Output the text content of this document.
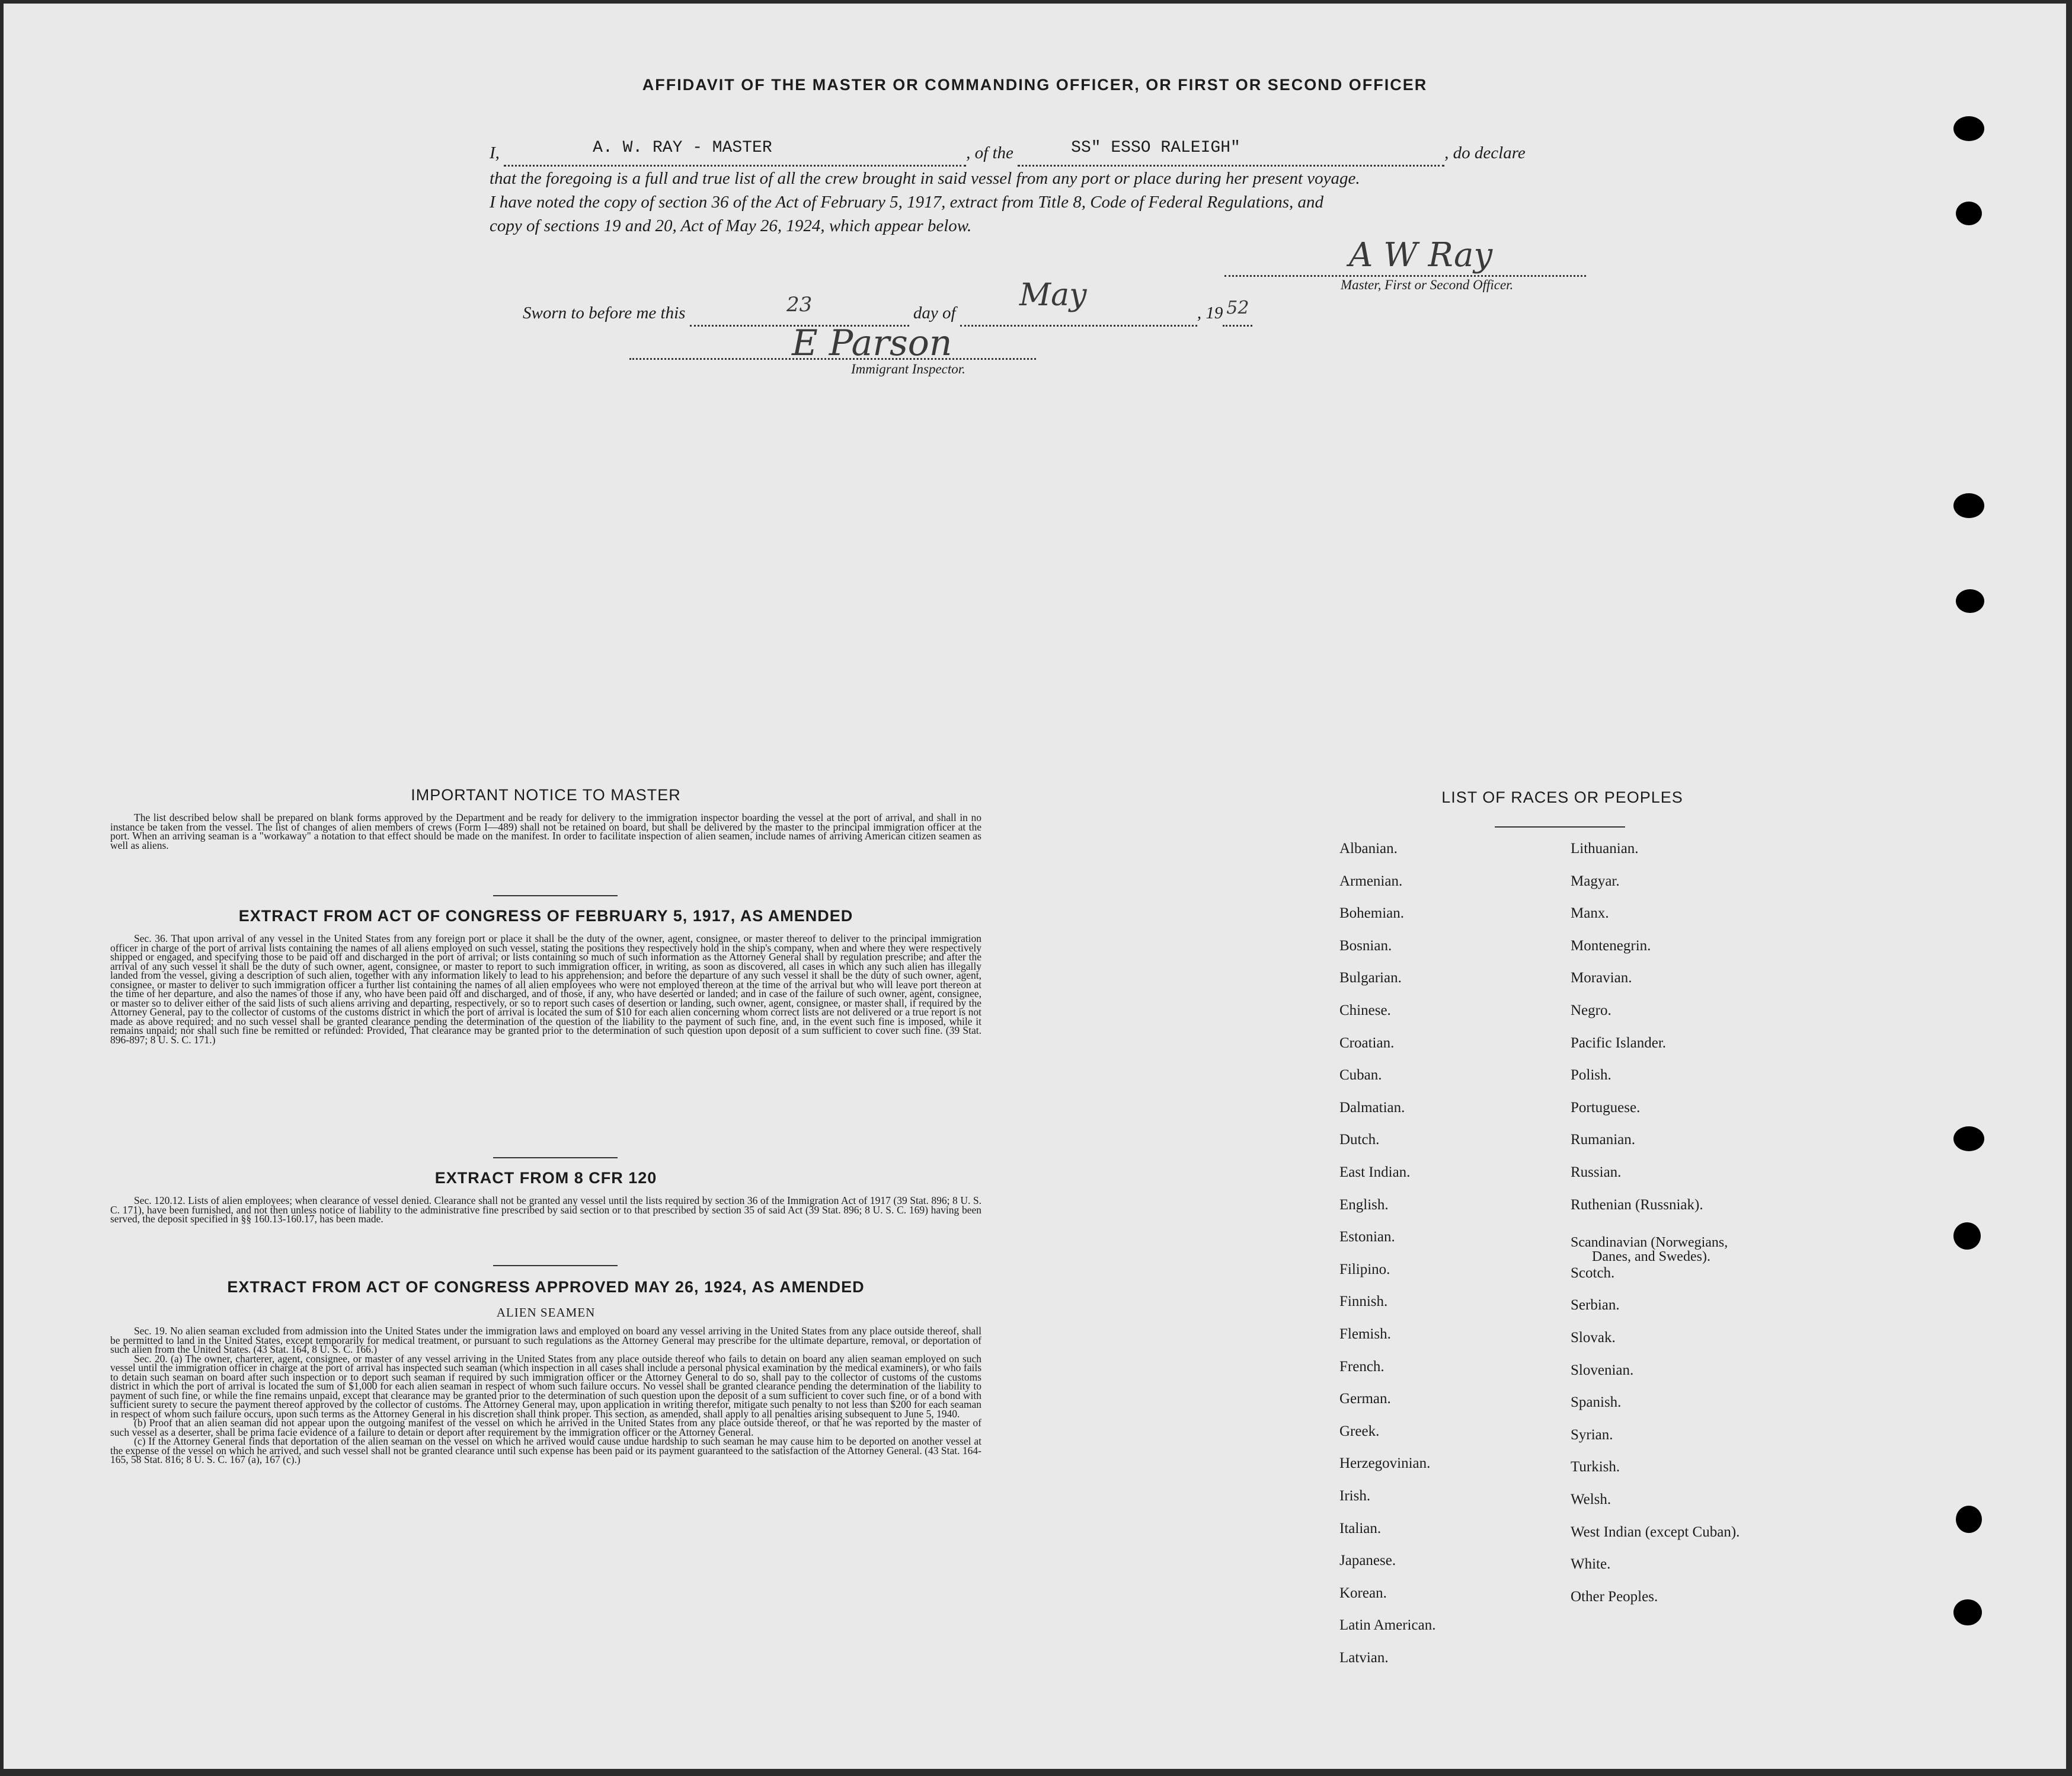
AFFIDAVIT OF THE MASTER OR COMMANDING OFFICER, OR FIRST OR SECOND OFFICER

I,	A. W. RAY - MASTER	, of the	SS" ESSO RALEIGH"	, do declare

that the foregoing is a full and true list of all the crew brought in said vessel from any port or place during her present voyage.

I have noted the copy of section 36 of the Act of February 5, 1917, extract from Title 8, Code of Federal Regulations, and

copy of sections 19 and 20, Act of May 26, 1924, which appear below.

A W Ray
Master, First or Second Officer.
Sworn to before me this	23	day of	May	, 19 52

E Parson
Immigrant Inspector.
IMPORTANT NOTICE TO MASTER

The list described below shall be prepared on blank forms approved by the Department and be ready for delivery to the immigration inspector boarding the vessel at the port of arrival, and shall in no instance be taken from the vessel. The list of changes of alien members of crews (Form I—489) shall not be retained on board, but shall be delivered by the master to the principal immigration officer at the port. When an arriving seaman is a "workaway" a notation to that effect should be made on the manifest. In order to facilitate inspection of alien seamen, include names of arriving American citizen seamen as well as aliens.

EXTRACT FROM ACT OF CONGRESS OF FEBRUARY 5, 1917, AS AMENDED

Sec. 36. That upon arrival of any vessel in the United States from any foreign port or place it shall be the duty of the owner, agent, consignee, or master thereof to deliver to the principal immigration officer in charge of the port of arrival lists containing the names of all aliens employed on such vessel, stating the positions they respectively hold in the ship's company, when and where they were respectively shipped or engaged, and specifying those to be paid off and discharged in the port of arrival; or lists containing so much of such information as the Attorney General shall by regulation prescribe; and after the arrival of any such vessel it shall be the duty of such owner, agent, consignee, or master to report to such immigration officer, in writing, as soon as discovered, all cases in which any such alien has illegally landed from the vessel, giving a description of such alien, together with any information likely to lead to his apprehension; and before the departure of any such vessel it shall be the duty of such owner, agent, consignee, or master to deliver to such immigration officer a further list containing the names of all alien employees who were not employed thereon at the time of the arrival but who will leave port thereon at the time of her departure, and also the names of those if any, who have been paid off and discharged, and of those, if any, who have deserted or landed; and in case of the failure of such owner, agent, consignee, or master so to deliver either of the said lists of such aliens arriving and departing, respectively, or so to report such cases of desertion or landing, such owner, agent, consignee, or master shall, if required by the Attorney General, pay to the collector of customs of the customs district in which the port of arrival is located the sum of $10 for each alien concerning whom correct lists are not delivered or a true report is not made as above required; and no such vessel shall be granted clearance pending the determination of the question of the liability to the payment of such fine, and, in the event such fine is imposed, while it remains unpaid; nor shall such fine be remitted or refunded: Provided, That clearance may be granted prior to the determination of such question upon deposit of a sum sufficient to cover such fine. (39 Stat. 896-897; 8 U. S. C. 171.)

EXTRACT FROM 8 CFR 120

Sec. 120.12. Lists of alien employees; when clearance of vessel denied. Clearance shall not be granted any vessel until the lists required by section 36 of the Immigration Act of 1917 (39 Stat. 896; 8 U. S. C. 171), have been furnished, and not then unless notice of liability to the administrative fine prescribed by said section or to that prescribed by section 35 of said Act (39 Stat. 896; 8 U. S. C. 169) having been served, the deposit specified in §§ 160.13-160.17, has been made.

EXTRACT FROM ACT OF CONGRESS APPROVED MAY 26, 1924, AS AMENDED
ALIEN SEAMEN

Sec. 19. No alien seaman excluded from admission into the United States under the immigration laws and employed on board any vessel arriving in the United States from any place outside thereof, shall be permitted to land in the United States, except temporarily for medical treatment, or pursuant to such regulations as the Attorney General may prescribe for the ultimate departure, removal, or deportation of such alien from the United States. (43 Stat. 164, 8 U. S. C. 166.)

Sec. 20. (a) The owner, charterer, agent, consignee, or master of any vessel arriving in the United States from any place outside thereof who fails to detain on board any alien seaman employed on such vessel until the immigration officer in charge at the port of arrival has inspected such seaman (which inspection in all cases shall include a personal physical examination by the medical examiners), or who fails to detain such seaman on board after such inspection or to deport such seaman if required by such immigration officer or the Attorney General to do so, shall pay to the collector of customs of the customs district in which the port of arrival is located the sum of $1,000 for each alien seaman in respect of whom such failure occurs. No vessel shall be granted clearance pending the determination of the liability to payment of such fine, or while the fine remains unpaid, except that clearance may be granted prior to the determination of such question upon the deposit of a sum sufficient to cover such fine, or of a bond with sufficient surety to secure the payment thereof approved by the collector of customs. The Attorney General may, upon application in writing therefor, mitigate such penalty to not less than $200 for each seaman in respect of whom such failure occurs, upon such terms as the Attorney General in his discretion shall think proper. This section, as amended, shall apply to all penalties arising subsequent to June 5, 1940.

(b) Proof that an alien seaman did not appear upon the outgoing manifest of the vessel on which he arrived in the United States from any place outside thereof, or that he was reported by the master of such vessel as a deserter, shall be prima facie evidence of a failure to detain or deport after requirement by the immigration officer or the Attorney General.

(c) If the Attorney General finds that deportation of the alien seaman on the vessel on which he arrived would cause undue hardship to such seaman he may cause him to be deported on another vessel at the expense of the vessel on which he arrived, and such vessel shall not be granted clearance until such expense has been paid or its payment guaranteed to the satisfaction of the Attorney General. (43 Stat. 164-165, 58 Stat. 816; 8 U. S. C. 167 (a), 167 (c).)

LIST OF RACES OR PEOPLES
Albanian.
Armenian.
Bohemian.
Bosnian.
Bulgarian.
Chinese.
Croatian.
Cuban.
Dalmatian.
Dutch.
East Indian.
English.
Estonian.
Filipino.
Finnish.
Flemish.
French.
German.
Greek.
Herzegovinian.
Irish.
Italian.
Japanese.
Korean.
Latin American.
Latvian.
Lithuanian.
Magyar.
Manx.
Montenegrin.
Moravian.
Negro.
Pacific Islander.
Polish.
Portuguese.
Rumanian.
Russian.
Ruthenian (Russniak).
Scandinavian (Norwegians,
Danes, and Swedes).
Scotch.
Serbian.
Slovak.
Slovenian.
Spanish.
Syrian.
Turkish.
Welsh.
West Indian (except Cuban).
White.
Other Peoples.
